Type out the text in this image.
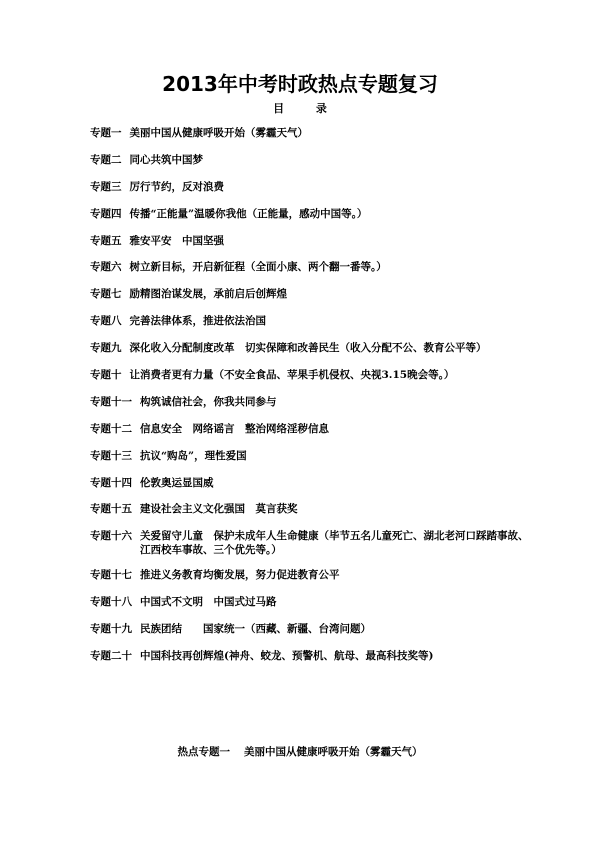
2013年中考时政热点专题复习
目 录
专题一 美丽中国从健康呼吸开始（雾霾天气）
专题二 同心共筑中国梦
专题三 厉行节约，反对浪费
专题四 传播“正能量”温暖你我他（正能量，感动中国等。）
专题五 雅安平安　中国坚强
专题六 树立新目标，开启新征程（全面小康、两个翻一番等。）
专题七 励精图治谋发展，承前启后创辉煌
专题八 完善法律体系，推进依法治国
专题九 深化收入分配制度改革　切实保障和改善民生（收入分配不公、教育公平等）
专题十 让消费者更有力量（不安全食品、苹果手机侵权、央视3.15晚会等。）
专题十一 构筑诚信社会，你我共同参与
专题十二 信息安全　网络谣言　整治网络淫秽信息
专题十三 抗议“购岛”，理性爱国
专题十四 伦敦奥运显国威
专题十五 建设社会主义文化强国　莫言获奖
专题十六 关爱留守儿童　保护未成年人生命健康（毕节五名儿童死亡、湖北老河口踩踏事故、江西校车事故、三个优先等。）
专题十七 推进义务教育均衡发展，努力促进教育公平
专题十八 中国式不文明　中国式过马路
专题十九 民族团结　　国家统一（西藏、新疆、台湾问题）
专题二十 中国科技再创辉煌(神舟、蛟龙、预警机、航母、最高科技奖等)
热点专题一 美丽中国从健康呼吸开始（雾霾天气）
